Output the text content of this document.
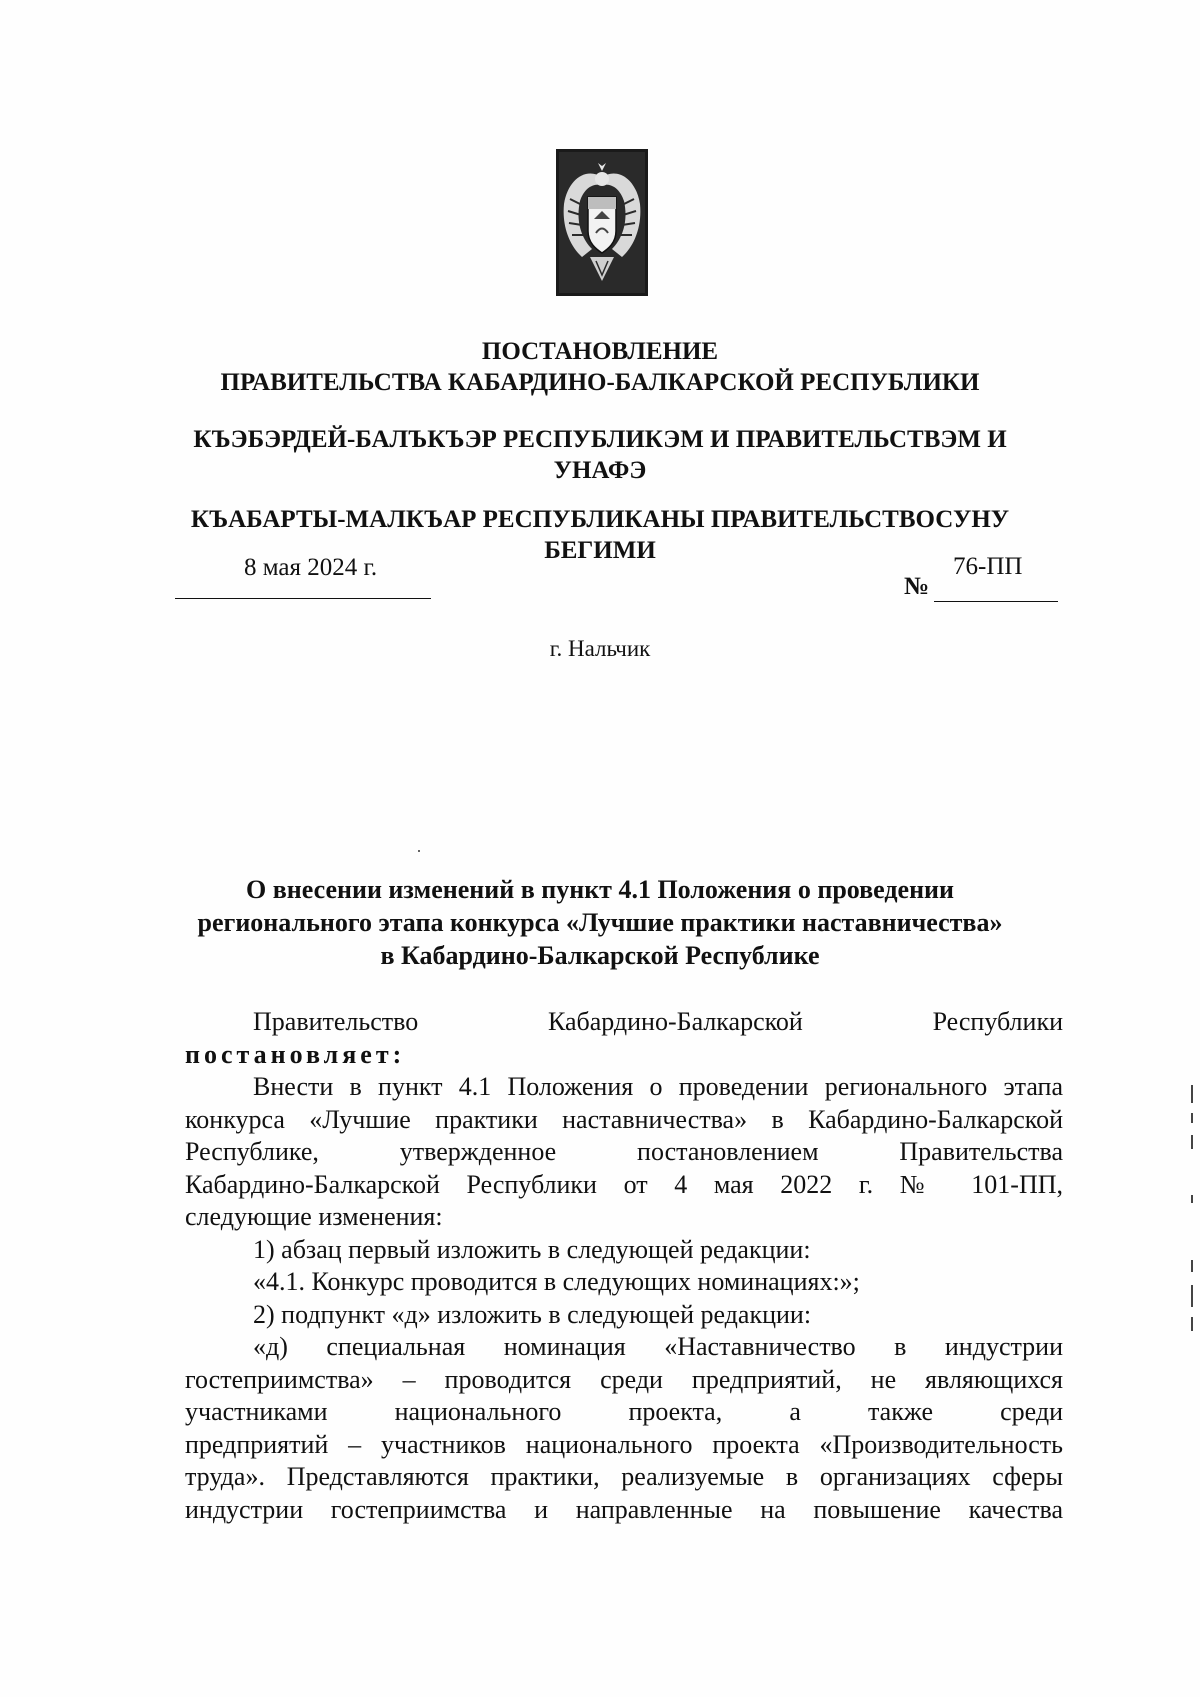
ПОСТАНОВЛЕНИЕ
ПРАВИТЕЛЬСТВА КАБАРДИНО-БАЛКАРСКОЙ РЕСПУБЛИКИ
КЪЭБЭРДЕЙ-БАЛЪКЪЭР РЕСПУБЛИКЭМ И ПРАВИТЕЛЬСТВЭМ И
УНАФЭ
КЪАБАРТЫ-МАЛКЪАР РЕСПУБЛИКАНЫ ПРАВИТЕЛЬСТВОСУНУ
БЕГИМИ
8 мая 2024 г.
№
76-ПП
г. Нальчик
О внесении изменений в пункт 4.1 Положения о проведении
регионального этапа конкурса «Лучшие практики наставничества»
в Кабардино-Балкарской Республике
Правительство	Кабардино-Балкарской	Республики
постановляет:
Внести в пункт 4.1 Положения о проведении регионального этапа
конкурса «Лучшие практики наставничества» в Кабардино-Балкарской
Республике, утвержденное постановлением Правительства
Кабардино-Балкарской Республики от 4 мая 2022 г. № 101-ПП,
следующие изменения:
1) абзац первый изложить в следующей редакции:
«4.1. Конкурс проводится в следующих номинациях:»;
2) подпункт «д» изложить в следующей редакции:
«д) специальная номинация «Наставничество в индустрии
гостеприимства» – проводится среди предприятий, не являющихся
участниками национального проекта, а также среди
предприятий – участников национального проекта «Производительность
труда». Представляются практики, реализуемые в организациях сферы
индустрии гостеприимства и направленные на повышение качества
